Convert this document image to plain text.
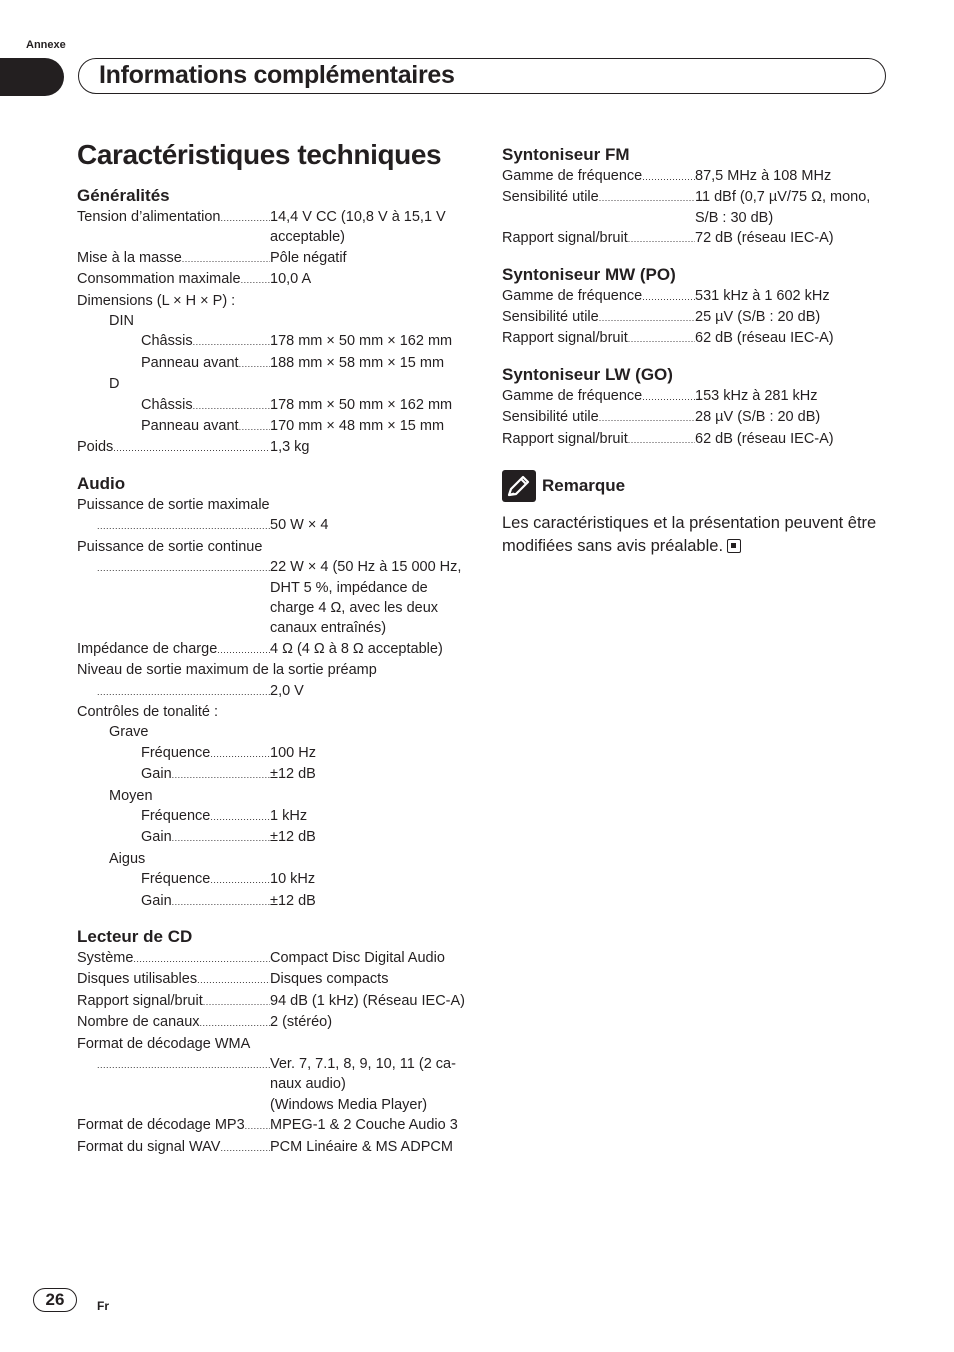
Annexe
Informations complémentaires
Caractéristiques techniques
Généralités
Tension d’alimentation .....	14,4 V CC (10,8 V à 15,1 V acceptable)
Mise à la masse .....	Pôle négatif
Consommation maximale ..... 10,0 A
Dimensions (L × H × P) :
DIN
Châssis .....	178 mm × 50 mm × 162 mm
Panneau avant ..... 188 mm × 58 mm × 15 mm
D
Châssis .....	178 mm × 50 mm × 162 mm
Panneau avant ..... 170 mm × 48 mm × 15 mm
Poids .....	1,3 kg
Audio
Puissance de sortie maximale
.....
50 W × 4
Puissance de sortie continue
.....
22 W × 4 (50 Hz à 15 000 Hz, DHT 5 %, impédance de charge 4 Ω, avec les deux canaux entraînés)
Impédance de charge .....	4 Ω (4 Ω à 8 Ω acceptable)
Niveau de sortie maximum de la sortie préamp
.....
2,0 V
Contrôles de tonalité :
Grave
Fréquence .....	100 Hz
Gain .....	±12 dB
Moyen
Fréquence .....	1 kHz
Gain .....	±12 dB
Aigus
Fréquence .....	10 kHz
Gain .....	±12 dB
Lecteur de CD
Système .....	Compact Disc Digital Audio
Disques utilisables .....	Disques compacts
Rapport signal/bruit .....	94 dB (1 kHz) (Réseau IEC-A)
Nombre de canaux .....	2 (stéréo)
Format de décodage WMA
.....
Ver. 7, 7.1, 8, 9, 10, 11 (2 ca-naux audio)
(Windows Media Player)
Format de décodage MP3 ..... MPEG-1 & 2 Couche Audio 3
Format du signal WAV .....	PCM Linéaire & MS ADPCM
Syntoniseur FM
Gamme de fréquence .....	87,5 MHz à 108 MHz
Sensibilité utile .....	11 dBf (0,7 µV/75 Ω, mono, S/B : 30 dB)
Rapport signal/bruit .....	72 dB (réseau IEC-A)
Syntoniseur MW (PO)
Gamme de fréquence .....	531 kHz à 1 602 kHz
Sensibilité utile .....	25 µV (S/B : 20 dB)
Rapport signal/bruit .....	62 dB (réseau IEC-A)
Syntoniseur LW (GO)
Gamme de fréquence .....	153 kHz à 281 kHz
Sensibilité utile .....	28 µV (S/B : 20 dB)
Rapport signal/bruit .....	62 dB (réseau IEC-A)
Remarque
Les caractéristiques et la présentation peuvent être modifiées sans avis préalable.
26	Fr
